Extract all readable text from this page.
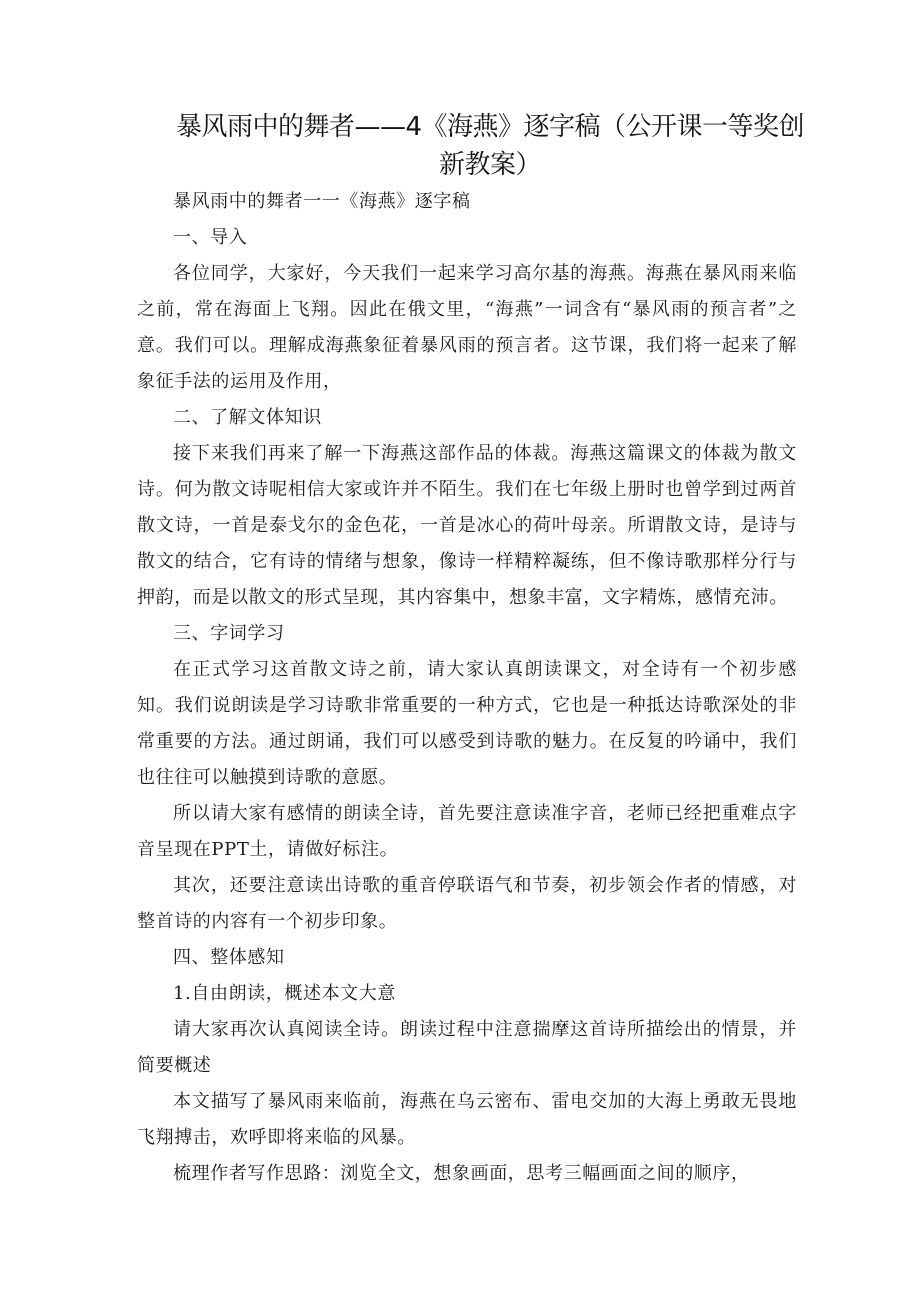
暴风雨中的舞者——4《海燕》逐字稿（公开课一等奖创新教案）

暴风雨中的舞者一一《海燕》逐字稿

一、导入

各位同学，大家好，今天我们一起来学习高尔基的海燕。海燕在暴风雨来临之前，常在海面上飞翔。因此在俄文里，“海燕”一词含有“暴风雨的预言者”之意。我们可以。理解成海燕象征着暴风雨的预言者。这节课，我们将一起来了解象征手法的运用及作用，

二、了解文体知识

接下来我们再来了解一下海燕这部作品的体裁。海燕这篇课文的体裁为散文诗。何为散文诗呢相信大家或许并不陌生。我们在七年级上册时也曾学到过两首散文诗，一首是泰戈尔的金色花，一首是冰心的荷叶母亲。所谓散文诗，是诗与散文的结合，它有诗的情绪与想象，像诗一样精粹凝练，但不像诗歌那样分行与押韵，而是以散文的形式呈现，其内容集中，想象丰富，文字精炼，感情充沛。

三、字词学习

在正式学习这首散文诗之前，请大家认真朗读课文，对全诗有一个初步感知。我们说朗读是学习诗歌非常重要的一种方式，它也是一种抵达诗歌深处的非常重要的方法。通过朗诵，我们可以感受到诗歌的魅力。在反复的吟诵中，我们也往往可以触摸到诗歌的意愿。

所以请大家有感情的朗读全诗，首先要注意读准字音，老师已经把重难点字音呈现在PPT土，请做好标注。

其次，还要注意读出诗歌的重音停联语气和节奏，初步领会作者的情感，对整首诗的内容有一个初步印象。

四、整体感知

1.自由朗读，概述本文大意

请大家再次认真阅读全诗。朗读过程中注意揣摩这首诗所描绘出的情景，并简要概述

本文描写了暴风雨来临前，海燕在乌云密布、雷电交加的大海上勇敢无畏地飞翔搏击，欢呼即将来临的风暴。

梳理作者写作思路：浏览全文，想象画面，思考三幅画面之间的顺序，
